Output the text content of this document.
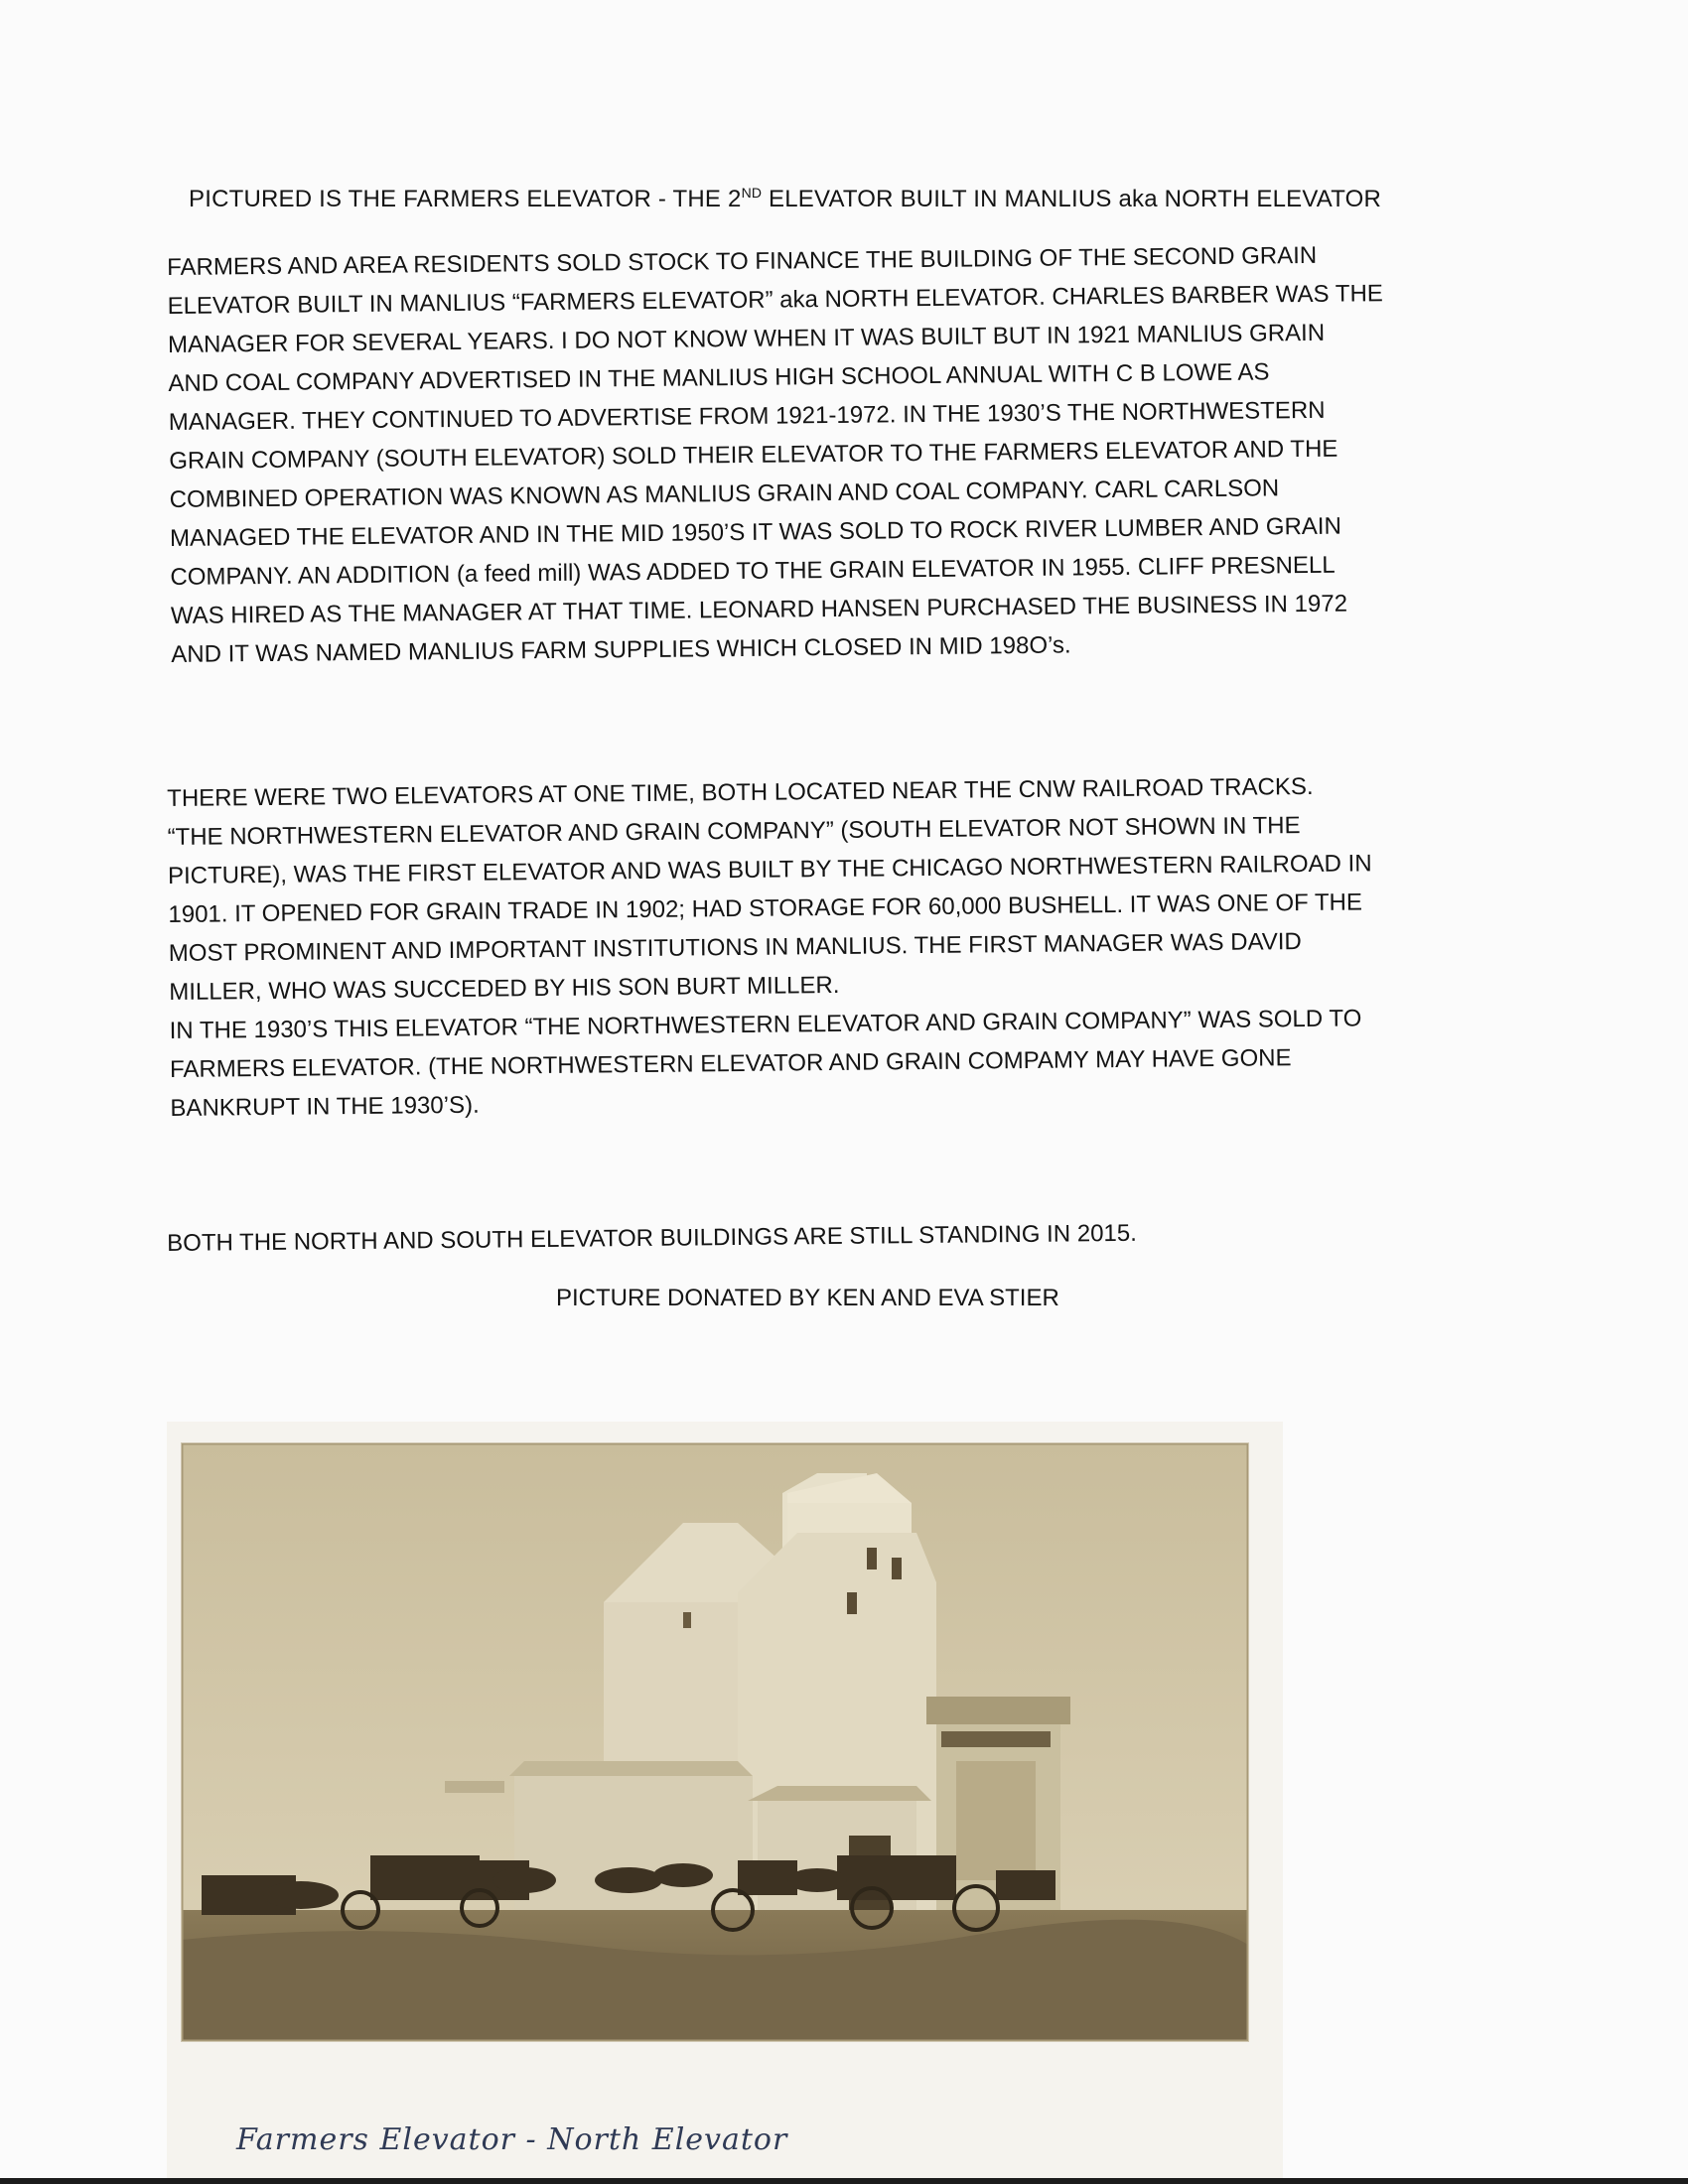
PICTURED IS THE FARMERS ELEVATOR - THE 2ND ELEVATOR BUILT IN MANLIUS aka NORTH ELEVATOR
FARMERS AND AREA RESIDENTS SOLD STOCK TO FINANCE THE BUILDING OF THE SECOND GRAIN
ELEVATOR BUILT IN MANLIUS “FARMERS ELEVATOR” aka NORTH ELEVATOR. CHARLES BARBER WAS THE
MANAGER FOR SEVERAL YEARS. I DO NOT KNOW WHEN IT WAS BUILT BUT IN 1921 MANLIUS GRAIN
AND COAL COMPANY ADVERTISED IN THE MANLIUS HIGH SCHOOL ANNUAL WITH C B LOWE AS
MANAGER. THEY CONTINUED TO ADVERTISE FROM 1921-1972. IN THE 1930’S THE NORTHWESTERN
GRAIN COMPANY (SOUTH ELEVATOR) SOLD THEIR ELEVATOR TO THE FARMERS ELEVATOR AND THE
COMBINED OPERATION WAS KNOWN AS MANLIUS GRAIN AND COAL COMPANY. CARL CARLSON
MANAGED THE ELEVATOR AND IN THE MID 1950’S IT WAS SOLD TO ROCK RIVER LUMBER AND GRAIN
COMPANY. AN ADDITION (a feed mill) WAS ADDED TO THE GRAIN ELEVATOR IN 1955. CLIFF PRESNELL
WAS HIRED AS THE MANAGER AT THAT TIME. LEONARD HANSEN PURCHASED THE BUSINESS IN 1972
AND IT WAS NAMED MANLIUS FARM SUPPLIES WHICH CLOSED IN MID 198O’s.
THERE WERE TWO ELEVATORS AT ONE TIME, BOTH LOCATED NEAR THE CNW RAILROAD TRACKS.
“THE NORTHWESTERN ELEVATOR AND GRAIN COMPANY” (SOUTH ELEVATOR NOT SHOWN IN THE
PICTURE), WAS THE FIRST ELEVATOR AND WAS BUILT BY THE CHICAGO NORTHWESTERN RAILROAD IN
1901. IT OPENED FOR GRAIN TRADE IN 1902; HAD STORAGE FOR 60,000 BUSHELL. IT WAS ONE OF THE
MOST PROMINENT AND IMPORTANT INSTITUTIONS IN MANLIUS. THE FIRST MANAGER WAS DAVID
MILLER, WHO WAS SUCCEDED BY HIS SON BURT MILLER.
IN THE 1930’S THIS ELEVATOR “THE NORTHWESTERN ELEVATOR AND GRAIN COMPANY” WAS SOLD TO
FARMERS ELEVATOR. (THE NORTHWESTERN ELEVATOR AND GRAIN COMPAMY MAY HAVE GONE
BANKRUPT IN THE 1930’S).
BOTH THE NORTH AND SOUTH ELEVATOR BUILDINGS ARE STILL STANDING IN 2015.
PICTURE DONATED BY KEN AND EVA STIER
Farmers Elevator - North Elevator
